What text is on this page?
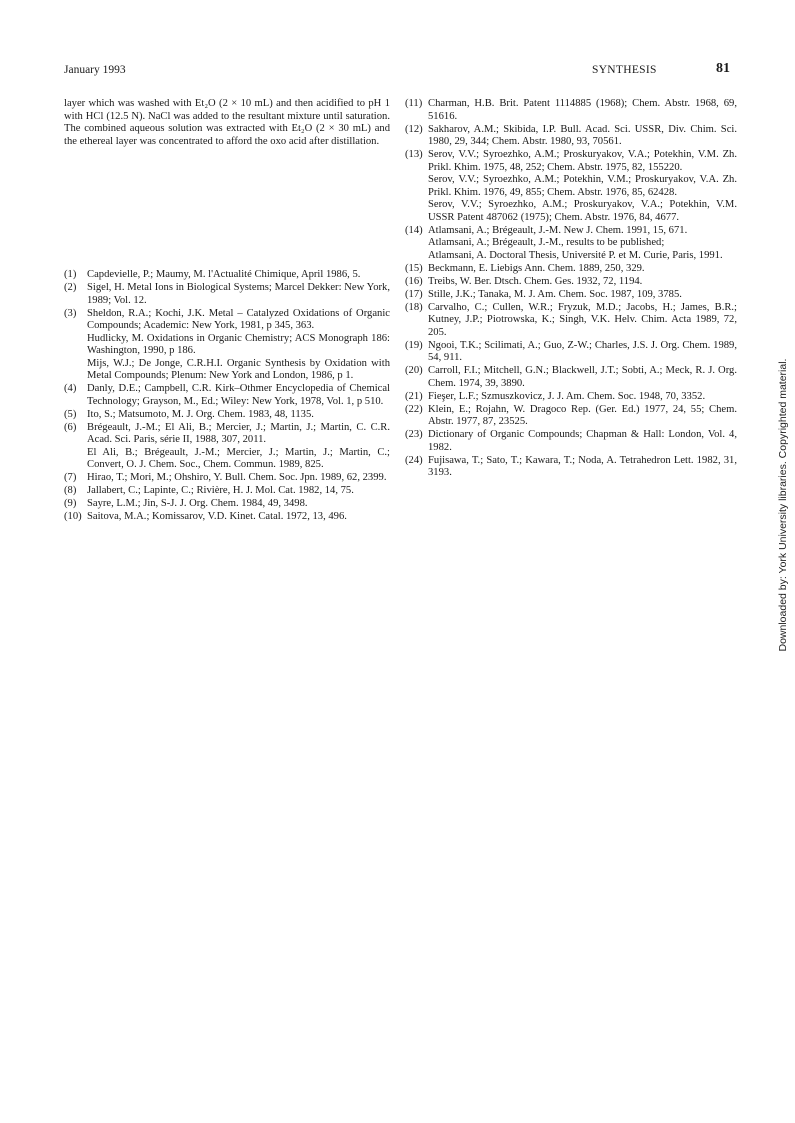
January 1993	SYNTHESIS	81

layer which was washed with Et₂O (2 × 10 mL) and then acidified to pH 1 with HCl (12.5 N). NaCl was added to the resultant mixture until saturation. The combined aqueous solution was extracted with Et₂O (2 × 30 mL) and the ethereal layer was concentrated to afford the oxo acid after distillation.

(1)	Capdevielle, P.; Maumy, M. l'Actualité Chimique, April 1986, 5.
(2)	Sigel, H. Metal Ions in Biological Systems; Marcel Dekker: New York, 1989; Vol. 12.
(3)	Sheldon, R.A.; Kochi, J.K. Metal – Catalyzed Oxidations of Organic Compounds; Academic: New York, 1981, p 345, 363.
Hudlicky, M. Oxidations in Organic Chemistry; ACS Monograph 186: Washington, 1990, p 186.
Mijs, W.J.; De Jonge, C.R.H.I. Organic Synthesis by Oxidation with Metal Compounds; Plenum: New York and London, 1986, p 1.
(4)	Danly, D.E.; Campbell, C.R. Kirk–Othmer Encyclopedia of Chemical Technology; Grayson, M., Ed.; Wiley: New York, 1978, Vol. 1, p 510.
(5)	Ito, S.; Matsumoto, M. J. Org. Chem. 1983, 48, 1135.
(6)	Brégeault, J.-M.; El Ali, B.; Mercier, J.; Martin, J.; Martin, C. C.R. Acad. Sci. Paris, série II, 1988, 307, 2011.
El Ali, B.; Brégeault, J.-M.; Mercier, J.; Martin, J.; Martin, C.; Convert, O. J. Chem. Soc., Chem. Commun. 1989, 825.
(7)	Hirao, T.; Mori, M.; Ohshiro, Y. Bull. Chem. Soc. Jpn. 1989, 62, 2399.
(8)	Jallabert, C.; Lapinte, C.; Rivière, H. J. Mol. Cat. 1982, 14, 75.
(9)	Sayre, L.M.; Jin, S-J. J. Org. Chem. 1984, 49, 3498.
(10) Saitova, M.A.; Komissarov, V.D. Kinet. Catal. 1972, 13, 496.
(11) Charman, H.B. Brit. Patent 1114885 (1968); Chem. Abstr. 1968, 69, 51616.
(12) Sakharov, A.M.; Skibida, I.P. Bull. Acad. Sci. USSR, Div. Chim. Sci. 1980, 29, 344; Chem. Abstr. 1980, 93, 70561.
(13) Serov, V.V.; Syroezhko, A.M.; Proskuryakov, V.A.; Potekhin, V.M. Zh. Prikl. Khim. 1975, 48, 252; Chem. Abstr. 1975, 82, 155220.
Serov, V.V.; Syroezhko, A.M.; Potekhin, V.M.; Proskuryakov, V.A. Zh. Prikl. Khim. 1976, 49, 855; Chem. Abstr. 1976, 85, 62428.
Serov, V.V.; Syroezhko, A.M.; Proskuryakov, V.A.; Potekhin, V.M. USSR Patent 487062 (1975); Chem. Abstr. 1976, 84, 4677.
(14) Atlamsani, A.; Brégeault, J.-M. New J. Chem. 1991, 15, 671.
Atlamsani, A.; Brégeault, J.-M., results to be published;
Atlamsani, A. Doctoral Thesis, Université P. et M. Curie, Paris, 1991.
(15) Beckmann, E. Liebigs Ann. Chem. 1889, 250, 329.
(16) Treibs, W. Ber. Dtsch. Chem. Ges. 1932, 72, 1194.
(17) Stille, J.K.; Tanaka, M. J. Am. Chem. Soc. 1987, 109, 3785.
(18) Carvalho, C.; Cullen, W.R.; Fryzuk, M.D.; Jacobs, H.; James, B.R.; Kutney, J.P.; Piotrowska, K.; Singh, V.K. Helv. Chim. Acta 1989, 72, 205.
(19) Ngooi, T.K.; Scilimati, A.; Guo, Z-W.; Charles, J.S. J. Org. Chem. 1989, 54, 911.
(20) Carroll, F.I.; Mitchell, G.N.; Blackwell, J.T.; Sobti, A.; Meck, R. J. Org. Chem. 1974, 39, 3890.
(21) Fieşer, L.F.; Szmuszkovicz, J. J. Am. Chem. Soc. 1948, 70, 3352.
(22) Klein, E.; Rojahn, W. Dragoco Rep. (Ger. Ed.) 1977, 24, 55; Chem. Abstr. 1977, 87, 23525.
(23) Dictionary of Organic Compounds; Chapman & Hall: London, Vol. 4, 1982.
(24) Fujisawa, T.; Sato, T.; Kawara, T.; Noda, A. Tetrahedron Lett. 1982, 31, 3193.	Downloaded by: York University libraries. Copyrighted material.
